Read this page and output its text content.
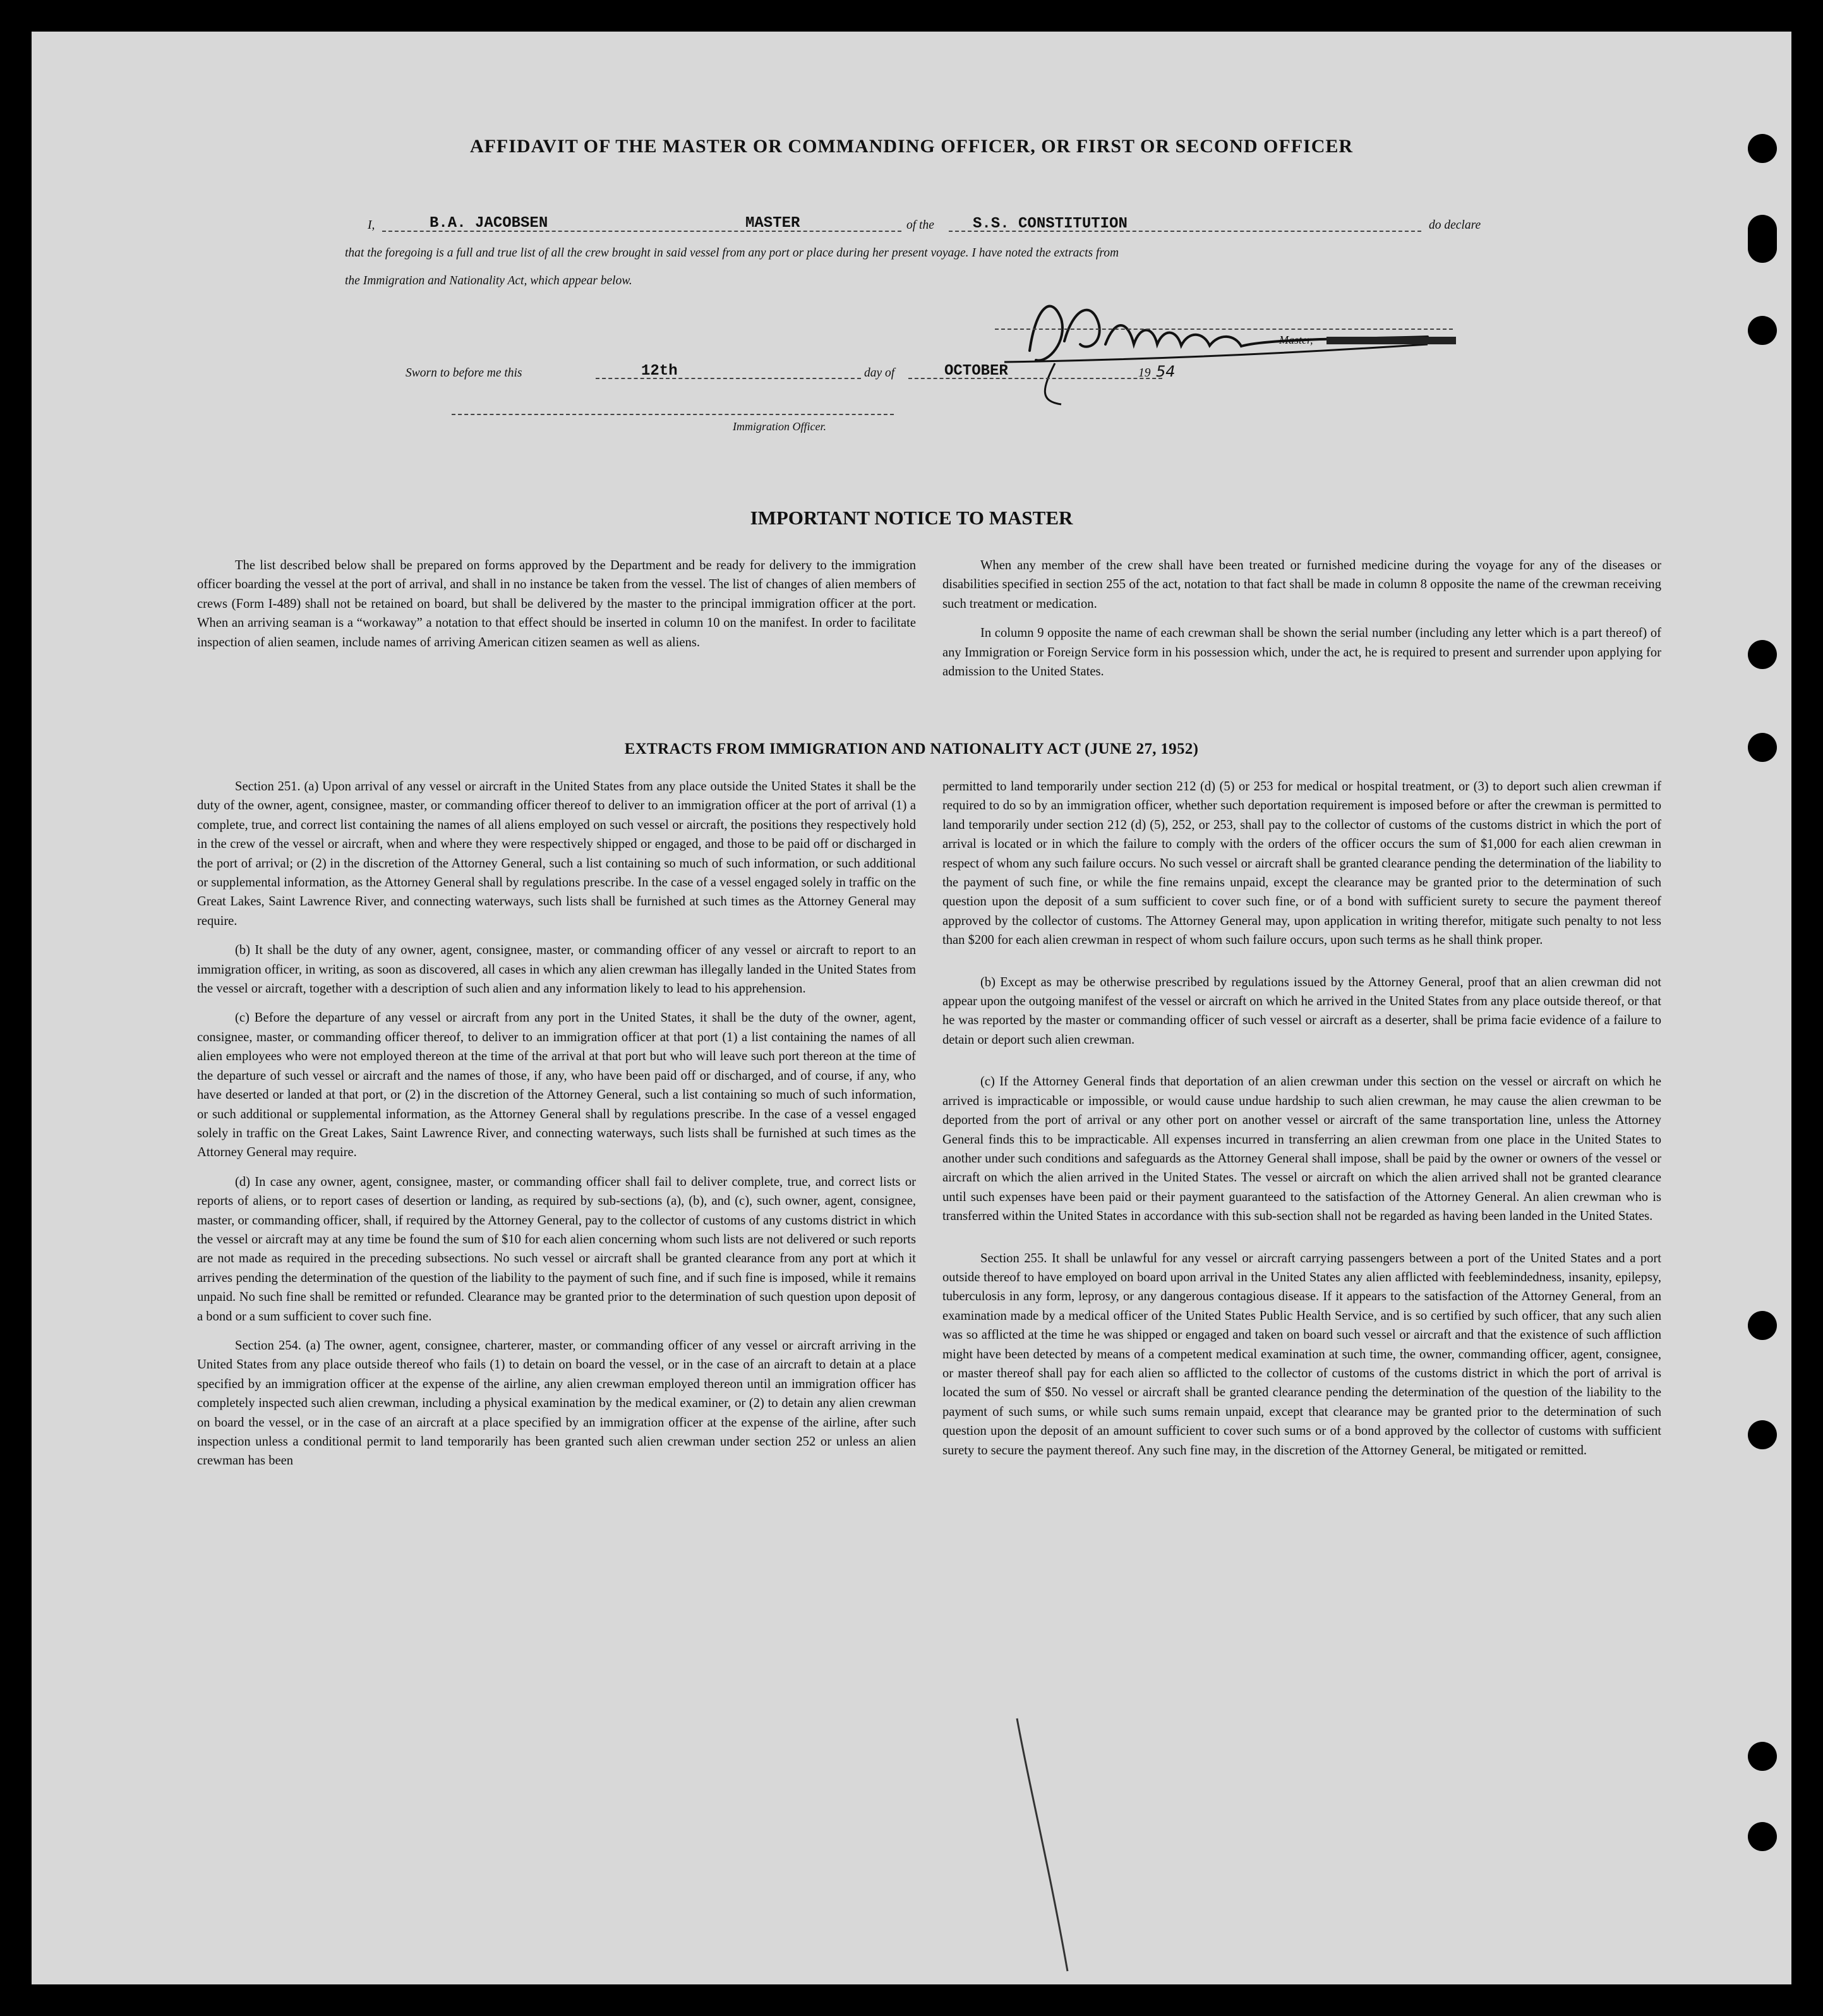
AFFIDAVIT OF THE MASTER OR COMMANDING OFFICER, OR FIRST OR SECOND OFFICER
I,	B.A. JACOBSEN	MASTER	of the	S.S. CONSTITUTION	do declare
that the foregoing is a full and true list of all the crew brought in said vessel from any port or place during her present voyage. I have noted the extracts from
the Immigration and Nationality Act, which appear below.
Master,
Sworn to before me this	12th	day of	OCTOBER	19 54
Immigration Officer.
IMPORTANT NOTICE TO MASTER

The list described below shall be prepared on forms approved by the Department and be ready for delivery to the immigration officer boarding the vessel at the port of arrival, and shall in no instance be taken from the vessel. The list of changes of alien members of crews (Form I-489) shall not be retained on board, but shall be delivered by the master to the principal immigration officer at the port. When an arriving seaman is a “workaway” a notation to that effect should be inserted in column 10 on the manifest. In order to facilitate inspection of alien seamen, include names of arriving American citizen seamen as well as aliens.

When any member of the crew shall have been treated or furnished medicine during the voyage for any of the diseases or disabilities specified in section 255 of the act, notation to that fact shall be made in column 8 opposite the name of the crewman receiving such treatment or medication.

In column 9 opposite the name of each crewman shall be shown the serial number (including any letter which is a part thereof) of any Immigration or Foreign Service form in his possession which, under the act, he is required to present and surrender upon applying for admission to the United States.

EXTRACTS FROM IMMIGRATION AND NATIONALITY ACT (JUNE 27, 1952)

Section 251. (a) Upon arrival of any vessel or aircraft in the United States from any place outside the United States it shall be the duty of the owner, agent, consignee, master, or commanding officer thereof to deliver to an immigration officer at the port of arrival (1) a complete, true, and correct list containing the names of all aliens employed on such vessel or aircraft, the positions they respectively hold in the crew of the vessel or aircraft, when and where they were respectively shipped or engaged, and those to be paid off or discharged in the port of arrival; or (2) in the discretion of the Attorney General, such a list containing so much of such information, or such additional or supplemental information, as the Attorney General shall by regulations prescribe. In the case of a vessel engaged solely in traffic on the Great Lakes, Saint Lawrence River, and connecting waterways, such lists shall be furnished at such times as the Attorney General may require.

(b) It shall be the duty of any owner, agent, consignee, master, or commanding officer of any vessel or aircraft to report to an immigration officer, in writing, as soon as discovered, all cases in which any alien crewman has illegally landed in the United States from the vessel or aircraft, together with a description of such alien and any information likely to lead to his apprehension.

(c) Before the departure of any vessel or aircraft from any port in the United States, it shall be the duty of the owner, agent, consignee, master, or commanding officer thereof, to deliver to an immigration officer at that port (1) a list containing the names of all alien employees who were not employed thereon at the time of the arrival at that port but who will leave such port thereon at the time of the departure of such vessel or aircraft and the names of those, if any, who have been paid off or discharged, and of course, if any, who have deserted or landed at that port, or (2) in the discretion of the Attorney General, such a list containing so much of such information, or such additional or supplemental information, as the Attorney General shall by regulations prescribe. In the case of a vessel engaged solely in traffic on the Great Lakes, Saint Lawrence River, and connecting waterways, such lists shall be furnished at such times as the Attorney General may require.

(d) In case any owner, agent, consignee, master, or commanding officer shall fail to deliver complete, true, and correct lists or reports of aliens, or to report cases of desertion or landing, as required by sub-sections (a), (b), and (c), such owner, agent, consignee, master, or commanding officer, shall, if required by the Attorney General, pay to the collector of customs of any customs district in which the vessel or aircraft may at any time be found the sum of $10 for each alien concerning whom such lists are not delivered or such reports are not made as required in the preceding subsections. No such vessel or aircraft shall be granted clearance from any port at which it arrives pending the determination of the question of the liability to the payment of such fine, and if such fine is imposed, while it remains unpaid. No such fine shall be remitted or refunded. Clearance may be granted prior to the determination of such question upon deposit of a bond or a sum sufficient to cover such fine.

Section 254. (a) The owner, agent, consignee, charterer, master, or commanding officer of any vessel or aircraft arriving in the United States from any place outside thereof who fails (1) to detain on board the vessel, or in the case of an aircraft to detain at a place specified by an immigration officer at the expense of the airline, any alien crewman employed thereon until an immigration officer has completely inspected such alien crewman, including a physical examination by the medical examiner, or (2) to detain any alien crewman on board the vessel, or in the case of an aircraft at a place specified by an immigration officer at the expense of the airline, after such inspection unless a conditional permit to land temporarily has been granted such alien crewman under section 252 or unless an alien crewman has been

permitted to land temporarily under section 212 (d) (5) or 253 for medical or hospital treatment, or (3) to deport such alien crewman if required to do so by an immigration officer, whether such deportation requirement is imposed before or after the crewman is permitted to land temporarily under section 212 (d) (5), 252, or 253, shall pay to the collector of customs of the customs district in which the port of arrival is located or in which the failure to comply with the orders of the officer occurs the sum of $1,000 for each alien crewman in respect of whom any such failure occurs. No such vessel or aircraft shall be granted clearance pending the determination of the liability to the payment of such fine, or while the fine remains unpaid, except the clearance may be granted prior to the determination of such question upon the deposit of a sum sufficient to cover such fine, or of a bond with sufficient surety to secure the payment thereof approved by the collector of customs. The Attorney General may, upon application in writing therefor, mitigate such penalty to not less than $200 for each alien crewman in respect of whom such failure occurs, upon such terms as he shall think proper.

(b) Except as may be otherwise prescribed by regulations issued by the Attorney General, proof that an alien crewman did not appear upon the outgoing manifest of the vessel or aircraft on which he arrived in the United States from any place outside thereof, or that he was reported by the master or commanding officer of such vessel or aircraft as a deserter, shall be prima facie evidence of a failure to detain or deport such alien crewman.

(c) If the Attorney General finds that deportation of an alien crewman under this section on the vessel or aircraft on which he arrived is impracticable or impossible, or would cause undue hardship to such alien crewman, he may cause the alien crewman to be deported from the port of arrival or any other port on another vessel or aircraft of the same transportation line, unless the Attorney General finds this to be impracticable. All expenses incurred in transferring an alien crewman from one place in the United States to another under such conditions and safeguards as the Attorney General shall impose, shall be paid by the owner or owners of the vessel or aircraft on which the alien arrived in the United States. The vessel or aircraft on which the alien arrived shall not be granted clearance until such expenses have been paid or their payment guaranteed to the satisfaction of the Attorney General. An alien crewman who is transferred within the United States in accordance with this sub-section shall not be regarded as having been landed in the United States.

Section 255. It shall be unlawful for any vessel or aircraft carrying passengers between a port of the United States and a port outside thereof to have employed on board upon arrival in the United States any alien afflicted with feeblemindedness, insanity, epilepsy, tuberculosis in any form, leprosy, or any dangerous contagious disease. If it appears to the satisfaction of the Attorney General, from an examination made by a medical officer of the United States Public Health Service, and is so certified by such officer, that any such alien was so afflicted at the time he was shipped or engaged and taken on board such vessel or aircraft and that the existence of such affliction might have been detected by means of a competent medical examination at such time, the owner, commanding officer, agent, consignee, or master thereof shall pay for each alien so afflicted to the collector of customs of the customs district in which the port of arrival is located the sum of $50. No vessel or aircraft shall be granted clearance pending the determination of the question of the liability to the payment of such sums, or while such sums remain unpaid, except that clearance may be granted prior to the determination of such question upon the deposit of an amount sufficient to cover such sums or of a bond approved by the collector of customs with sufficient surety to secure the payment thereof. Any such fine may, in the discretion of the Attorney General, be mitigated or remitted.
